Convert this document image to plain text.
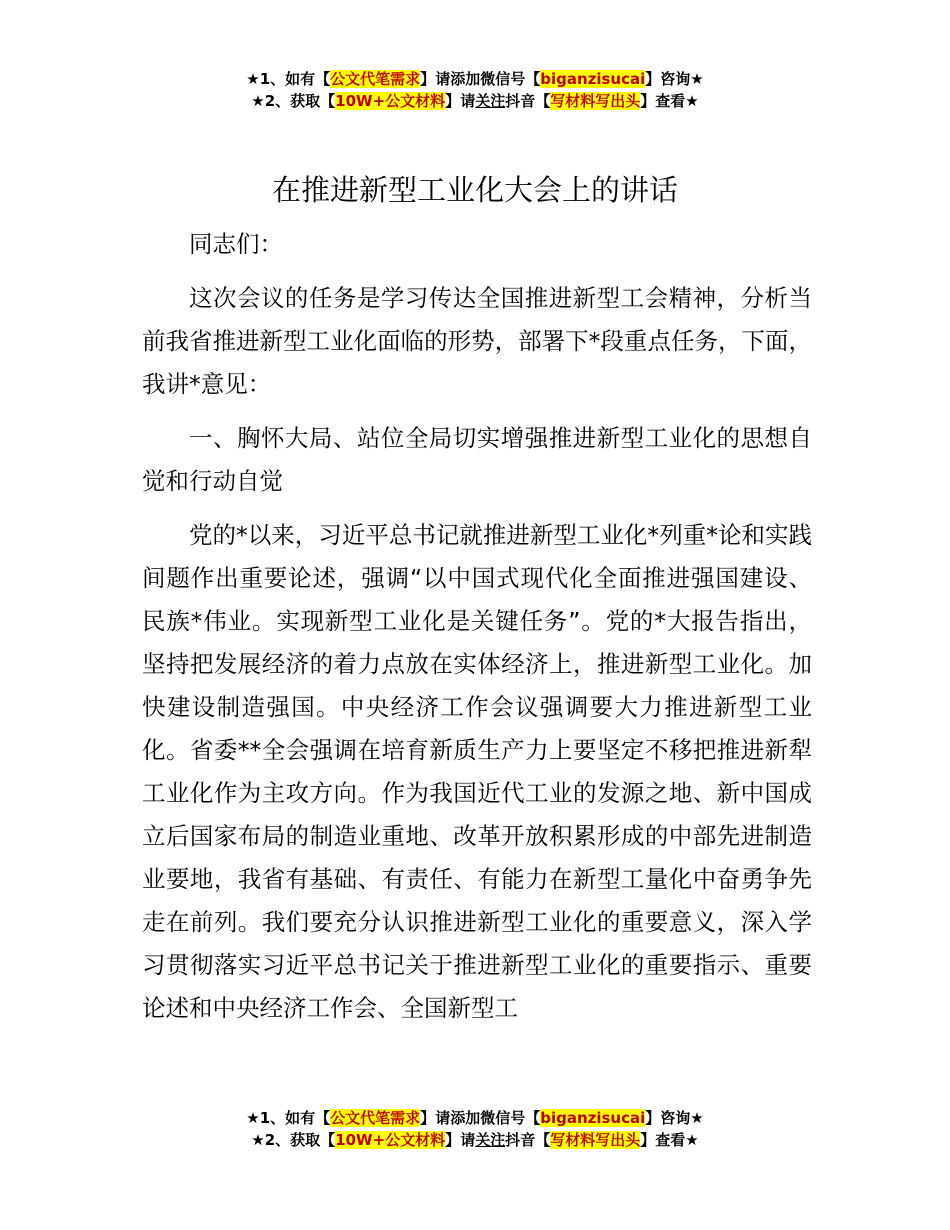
★1、如有【公文代笔需求】请添加微信号【biganzisucai】咨询★
★2、获取【10W+公文材料】请关注抖音【写材料写出头】查看★
在推进新型工业化大会上的讲话

同志们：

这次会议的任务是学习传达全国推进新型工会精神，分析当前我省推进新型工业化面临的形势，部署下*段重点任务，下面，我讲*意见：

一、胸怀大局、站位全局切实增强推进新型工业化的思想自觉和行动自觉

党的*以来，习近平总书记就推进新型工业化*列重*论和实践间题作出重要论述，强调“以中国式现代化全面推进强国建设、民族*伟业。实现新型工业化是关键任务”。党的*大报告指出，坚持把发展经济的着力点放在实体经济上，推进新型工业化。加快建设制造强国。中央经济工作会议强调要大力推进新型工业化。省委**全会强调在培育新质生产力上要坚定不移把推进新犁工业化作为主攻方向。作为我国近代工业的发源之地、新中国成立后国家布局的制造业重地、改革开放积累形成的中部先进制造业要地，我省有基础、有责任、有能力在新型工量化中奋勇争先走在前列。我们要充分认识推进新型工业化的重要意义，深入学习贯彻落实习近平总书记关于推进新型工业化的重要指示、重要论述和中央经济工作会、全国新型工

★1、如有【公文代笔需求】请添加微信号【biganzisucai】咨询★
★2、获取【10W+公文材料】请关注抖音【写材料写出头】查看★
